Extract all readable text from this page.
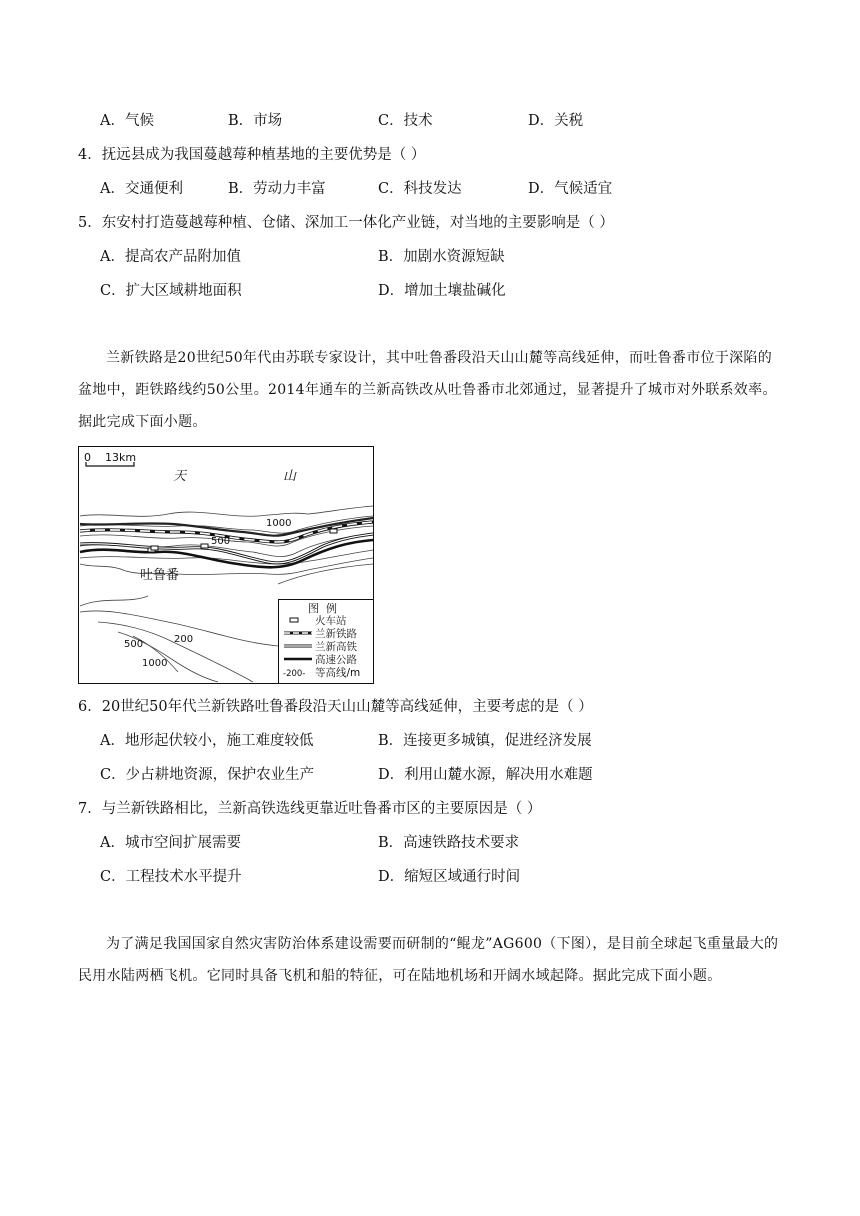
A．气候	B．市场	C．技术	D．关税
4．抚远县成为我国蔓越莓种植基地的主要优势是（ ）
A．交通便利	B．劳动力丰富	C．科技发达	D．气候适宜
5．东安村打造蔓越莓种植、仓储、深加工一体化产业链，对当地的主要影响是（ ）
A．提高农产品附加值	B．加剧水资源短缺
C．扩大区域耕地面积	D．增加土壤盐碱化
兰新铁路是20世纪50年代由苏联专家设计，其中吐鲁番段沿天山山麓等高线延伸，而吐鲁番市位于深陷的盆地中，距铁路线约50公里。2014年通车的兰新高铁改从吐鲁番市北郊通过，显著提升了城市对外联系效率。据此完成下面小题。
0    13km
天	山
1000
500
吐鲁番
200
500
1000
图  例
火车站
兰新铁路
兰新高铁
高速公路
-200- 等高线/m
6．20世纪50年代兰新铁路吐鲁番段沿天山山麓等高线延伸，主要考虑的是（ ）
A．地形起伏较小，施工难度较低	B．连接更多城镇，促进经济发展
C．少占耕地资源，保护农业生产	D．利用山麓水源，解决用水难题
7．与兰新铁路相比，兰新高铁选线更靠近吐鲁番市区的主要原因是（ ）
A．城市空间扩展需要	B．高速铁路技术要求
C．工程技术水平提升	D．缩短区域通行时间
为了满足我国国家自然灾害防治体系建设需要而研制的“鲲龙”AG600（下图），是目前全球起飞重量最大的民用水陆两栖飞机。它同时具备飞机和船的特征，可在陆地机场和开阔水域起降。据此完成下面小题。
